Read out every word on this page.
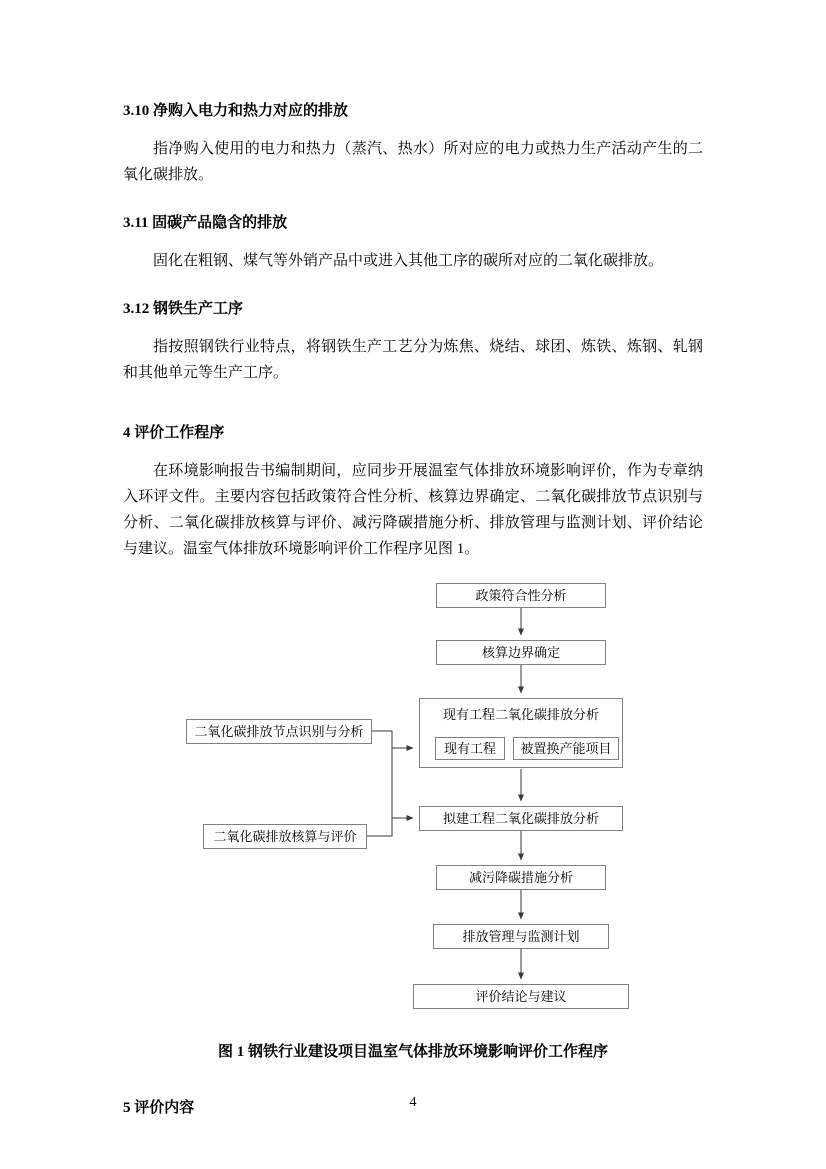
3.10 净购入电力和热力对应的排放

指净购入使用的电力和热力（蒸汽、热水）所对应的电力或热力生产活动产生的二氧化碳排放。

3.11 固碳产品隐含的排放

固化在粗钢、煤气等外销产品中或进入其他工序的碳所对应的二氧化碳排放。

3.12 钢铁生产工序

指按照钢铁行业特点，将钢铁生产工艺分为炼焦、烧结、球团、炼铁、炼钢、轧钢和其他单元等生产工序。

4 评价工作程序

在环境影响报告书编制期间，应同步开展温室气体排放环境影响评价，作为专章纳入环评文件。主要内容包括政策符合性分析、核算边界确定、二氧化碳排放节点识别与分析、二氧化碳排放核算与评价、减污降碳措施分析、排放管理与监测计划、评价结论与建议。温室气体排放环境影响评价工作程序见图 1。

政策符合性分析
核算边界确定
现有工程二氧化碳排放分析
现有工程	被置换产能项目
拟建工程二氧化碳排放分析
减污降碳措施分析
排放管理与监测计划
评价结论与建议
二氧化碳排放节点识别与分析
二氧化碳排放核算与评价
图 1 钢铁行业建设项目温室气体排放环境影响评价工作程序
5 评价内容	4
